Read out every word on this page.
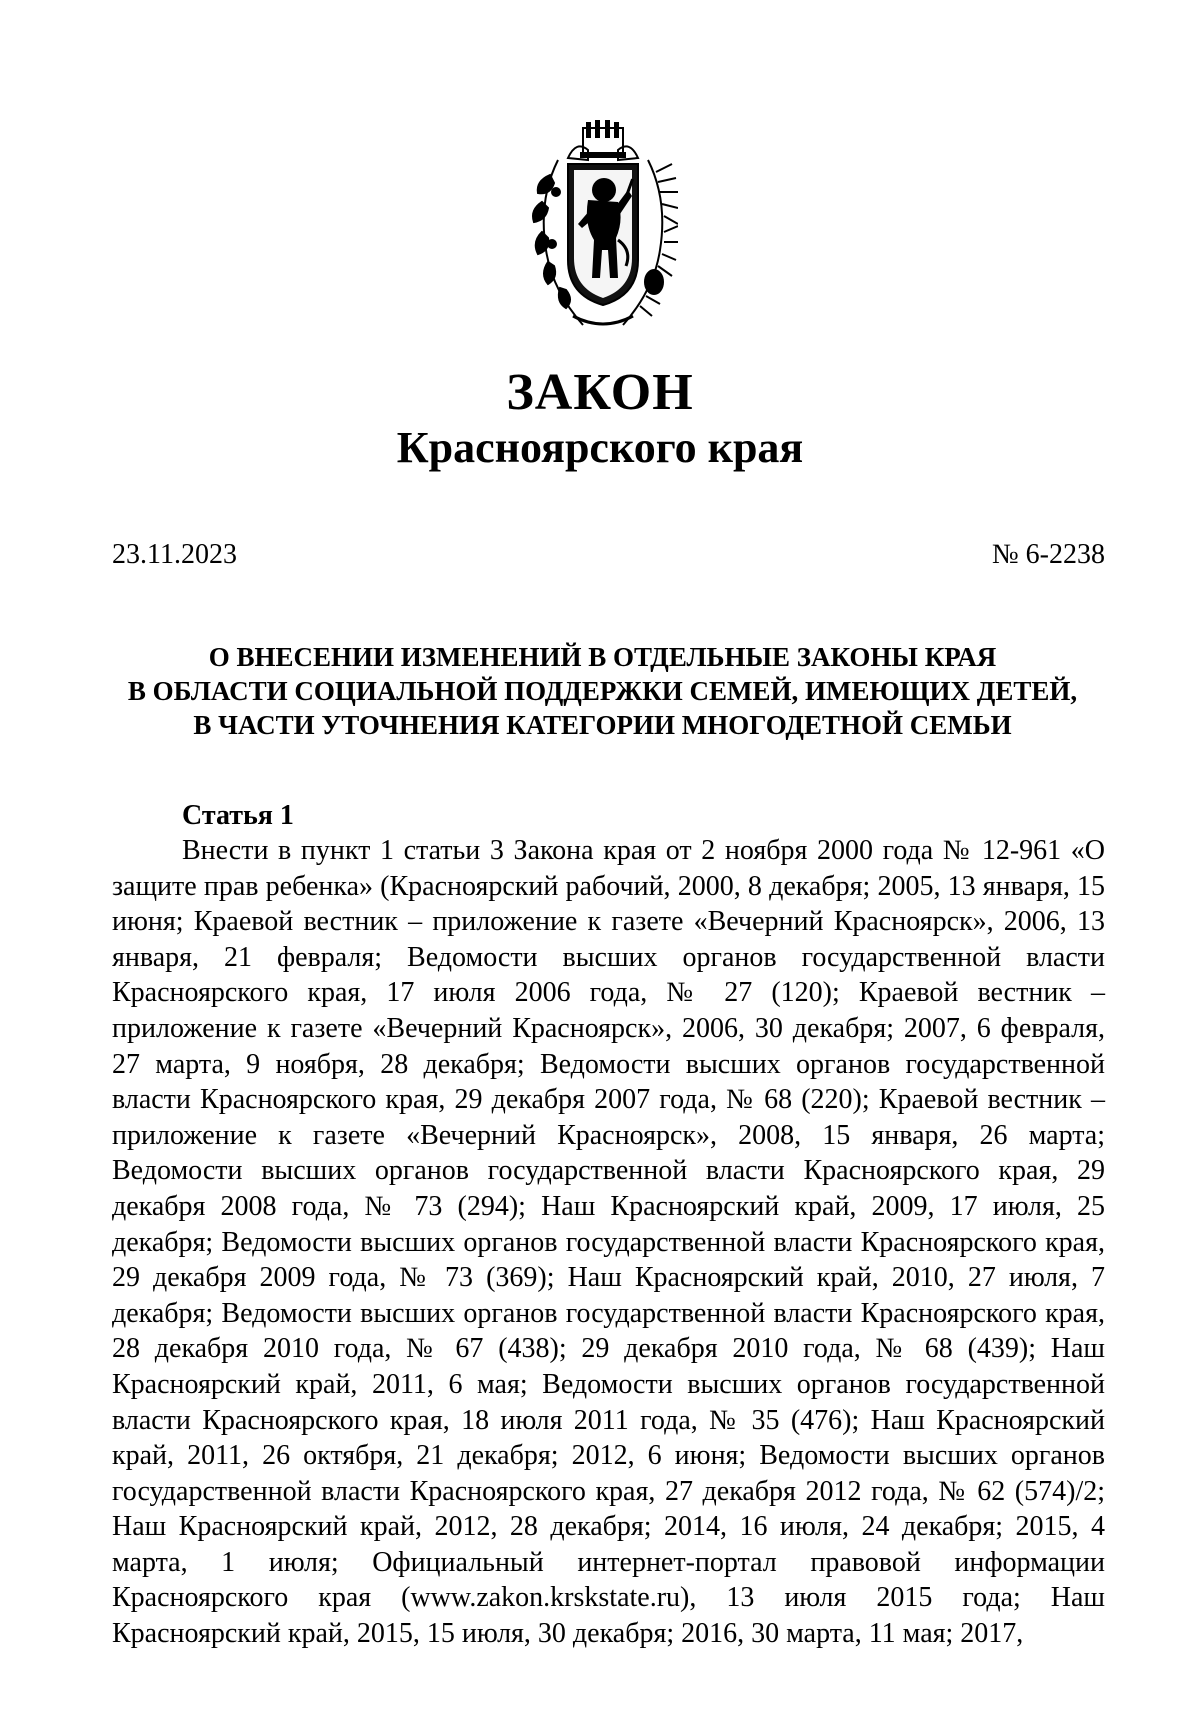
ЗАКОН
Красноярского края
23.11.2023	№ 6-2238
О ВНЕСЕНИИ ИЗМЕНЕНИЙ В ОТДЕЛЬНЫЕ ЗАКОНЫ КРАЯ
В ОБЛАСТИ СОЦИАЛЬНОЙ ПОДДЕРЖКИ СЕМЕЙ, ИМЕЮЩИХ ДЕТЕЙ,
В ЧАСТИ УТОЧНЕНИЯ КАТЕГОРИИ МНОГОДЕТНОЙ СЕМЬИ
Статья 1
Внести в пункт 1 статьи 3 Закона края от 2 ноября 2000 года № 12-961 «О защите прав ребенка» (Красноярский рабочий, 2000, 8 декабря; 2005, 13 января, 15 июня; Краевой вестник – приложение к газете «Вечерний Красноярск», 2006, 13 января, 21 февраля; Ведомости высших органов государственной власти Красноярского края, 17 июля 2006 года, № 27 (120); Краевой вестник – приложение к газете «Вечерний Красноярск», 2006, 30 декабря; 2007, 6 февраля, 27 марта, 9 ноября, 28 декабря; Ведомости высших органов государственной власти Красноярского края, 29 декабря 2007 года, № 68 (220); Краевой вестник – приложение к газете «Вечерний Красноярск», 2008, 15 января, 26 марта; Ведомости высших органов государственной власти Красноярского края, 29 декабря 2008 года, № 73 (294); Наш Красноярский край, 2009, 17 июля, 25 декабря; Ведомости высших органов государственной власти Красноярского края, 29 декабря 2009 года, № 73 (369); Наш Красноярский край, 2010, 27 июля, 7 декабря; Ведомости высших органов государственной власти Красноярского края, 28 декабря 2010 года, № 67 (438); 29 декабря 2010 года, № 68 (439); Наш Красноярский край, 2011, 6 мая; Ведомости высших органов государственной власти Красноярского края, 18 июля 2011 года, № 35 (476); Наш Красноярский край, 2011, 26 октября, 21 декабря; 2012, 6 июня; Ведомости высших органов государственной власти Красноярского края, 27 декабря 2012 года, № 62 (574)/2; Наш Красноярский край, 2012, 28 декабря; 2014, 16 июля, 24 декабря; 2015, 4 марта, 1 июля; Официальный интернет-портал правовой информации Красноярского края (www.zakon.krskstate.ru), 13 июля 2015 года; Наш Красноярский край, 2015, 15 июля, 30 декабря; 2016, 30 марта, 11 мая; 2017,
